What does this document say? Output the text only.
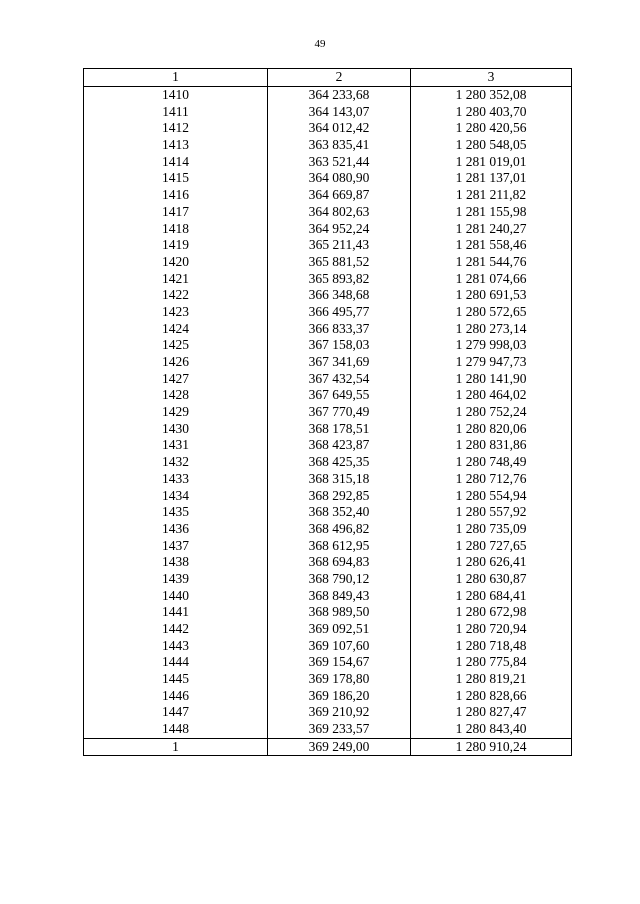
49
1	2	3
1410	364 233,68	1 280 352,08
1411	364 143,07	1 280 403,70
1412	364 012,42	1 280 420,56
1413	363 835,41	1 280 548,05
1414	363 521,44	1 281 019,01
1415	364 080,90	1 281 137,01
1416	364 669,87	1 281 211,82
1417	364 802,63	1 281 155,98
1418	364 952,24	1 281 240,27
1419	365 211,43	1 281 558,46
1420	365 881,52	1 281 544,76
1421	365 893,82	1 281 074,66
1422	366 348,68	1 280 691,53
1423	366 495,77	1 280 572,65
1424	366 833,37	1 280 273,14
1425	367 158,03	1 279 998,03
1426	367 341,69	1 279 947,73
1427	367 432,54	1 280 141,90
1428	367 649,55	1 280 464,02
1429	367 770,49	1 280 752,24
1430	368 178,51	1 280 820,06
1431	368 423,87	1 280 831,86
1432	368 425,35	1 280 748,49
1433	368 315,18	1 280 712,76
1434	368 292,85	1 280 554,94
1435	368 352,40	1 280 557,92
1436	368 496,82	1 280 735,09
1437	368 612,95	1 280 727,65
1438	368 694,83	1 280 626,41
1439	368 790,12	1 280 630,87
1440	368 849,43	1 280 684,41
1441	368 989,50	1 280 672,98
1442	369 092,51	1 280 720,94
1443	369 107,60	1 280 718,48
1444	369 154,67	1 280 775,84
1445	369 178,80	1 280 819,21
1446	369 186,20	1 280 828,66
1447	369 210,92	1 280 827,47
1448	369 233,57	1 280 843,40
1	369 249,00	1 280 910,24
